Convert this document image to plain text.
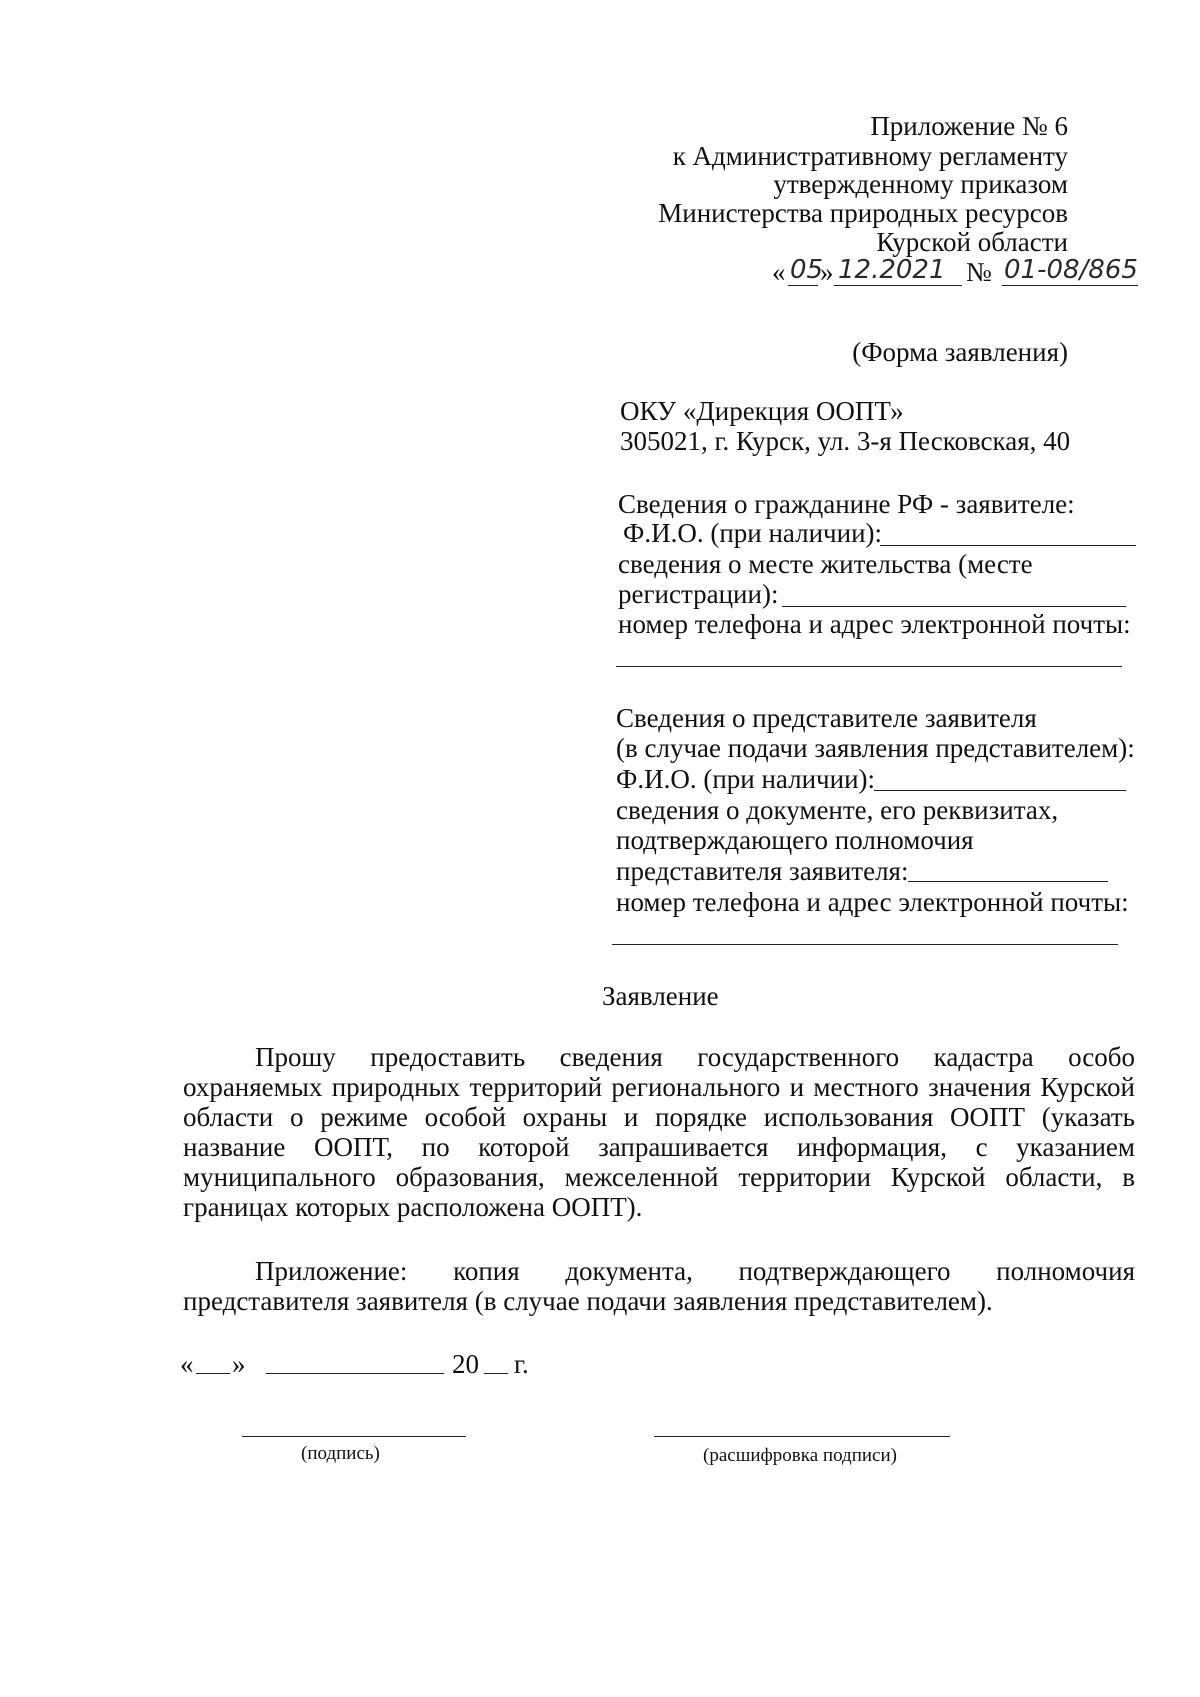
Приложение № 6
к Административному регламенту
утвержденному приказом
Министерства природных ресурсов
Курской области
« 05
» 12.2021 № 01-08/865
(Форма заявления)
ОКУ «Дирекция ООПТ»
305021, г. Курск, ул. 3-я Песковская, 40
Сведения о гражданине РФ - заявителе:
Ф.И.О. (при наличии):
сведения о месте жительства (месте
регистрации):
номер телефона и адрес электронной почты:
Сведения о представителе заявителя
(в случае подачи заявления представителем):
Ф.И.О. (при наличии):
сведения о документе, его реквизитах,
подтверждающего полномочия
представителя заявителя:
номер телефона и адрес электронной почты:
Заявление
Прошу предоставить сведения государственного кадастра особо
охраняемых природных территорий регионального и местного значения Курской
области о режиме особой охраны и порядке использования ООПТ (указать
название ООПТ, по которой запрашивается информация, с указанием
муниципального образования, межселенной территории Курской области, в
границах которых расположена ООПТ).
Приложение: копия документа, подтверждающего полномочия
представителя заявителя (в случае подачи заявления представителем).
« »	20 г.
(подпись)	(расшифровка подписи)
